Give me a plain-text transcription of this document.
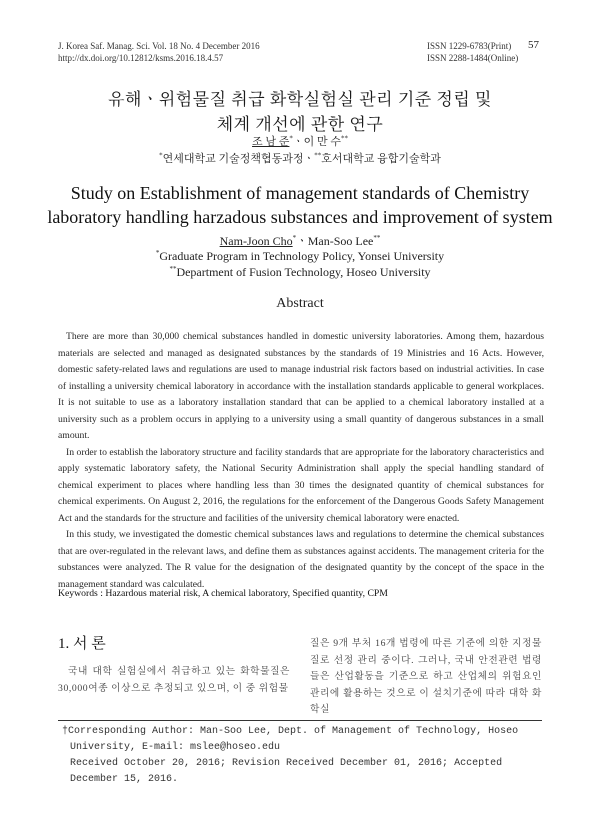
J. Korea Saf. Manag. Sci. Vol. 18 No. 4 December 2016
http://dx.doi.org/10.12812/ksms.2016.18.4.57
ISSN 1229-6783(Print)
ISSN 2288-1484(Online)
57
유해ㆍ위험물질 취급 화학실험실 관리 기준 정립 및
체계 개선에 관한 연구
조 남 준*ㆍ이 만 수**
*연세대학교 기술정책협동과정ㆍ**호서대학교 융합기술학과
Study on Establishment of management standards of Chemistry
laboratory handling harzadous substances and improvement of system
Nam-Joon Cho*ㆍMan-Soo Lee**
*Graduate Program in Technology Policy, Yonsei University
**Department of Fusion Technology, Hoseo University
Abstract

There are more than 30,000 chemical substances handled in domestic university laboratories. Among them, hazardous materials are selected and managed as designated substances by the standards of 19 Ministries and 16 Acts. However, domestic safety-related laws and regulations are used to manage industrial risk factors based on industrial activities. In case of installing a university chemical laboratory in accordance with the installation standards applicable to general workplaces. It is not suitable to use as a laboratory installation standard that can be applied to a chemical laboratory installed at a university such as a problem occurs in applying to a university using a small quantity of dangerous substances in a small amount.

In order to establish the laboratory structure and facility standards that are appropriate for the laboratory characteristics and apply systematic laboratory safety, the National Security Administration shall apply the special handling standard of chemical experiment to places where handling less than 30 times the designated quantity of chemical substances for chemical experiments. On August 2, 2016, the regulations for the enforcement of the Dangerous Goods Safety Management Act and the standards for the structure and facilities of the university chemical laboratory were enacted.

In this study, we investigated the domestic chemical substances laws and regulations to determine the chemical substances that are over-regulated in the relevant laws, and define them as substances against accidents. The management criteria for the substances were analyzed. The R value for the designation of the designated quantity by the concept of the space in the management standard was calculated.

Keywords : Hazardous material risk, A chemical laboratory, Specified quantity, CPM
1. 서 론

국내 대학 실험실에서 취급하고 있는 화학물질은 30,000여종 이상으로 추정되고 있으며, 이 중 위험물

질은 9개 부처 16개 법령에 따른 기준에 의한 지정물질로 선정 관리 중이다. 그러나, 국내 안전관련 법령들은 산업활동을 기준으로 하고 산업체의 위험요인 관리에 활용하는 것으로 이 설치기준에 따라 대학 화학실

†Corresponding Author: Man-Soo Lee, Dept. of Management of Technology, Hoseo
University, E-mail: mslee@hoseo.edu
Received October 20, 2016; Revision Received December 01, 2016; Accepted December 15, 2016.
